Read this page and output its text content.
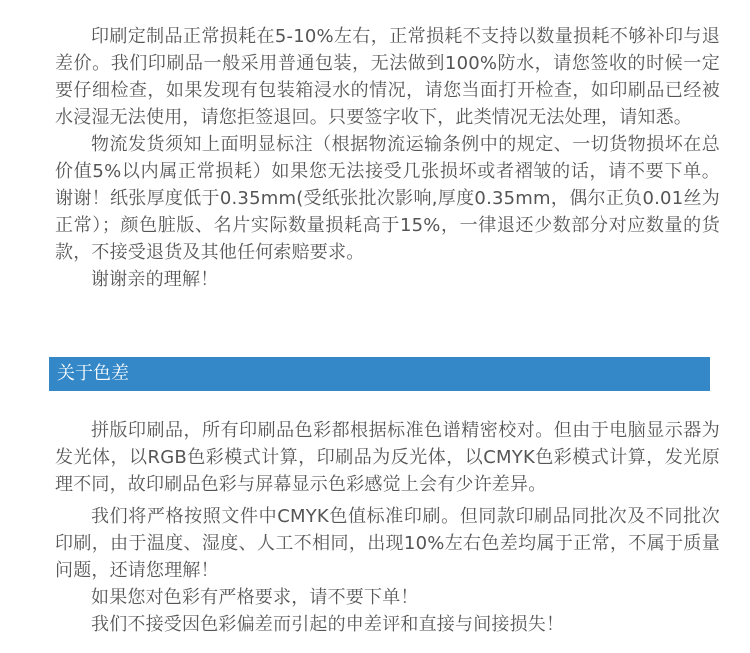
印刷定制品正常损耗在5-10%左右，正常损耗不支持以数量损耗不够补印与退差价。我们印刷品一般采用普通包装，无法做到100%防水，请您签收的时候一定要仔细检查，如果发现有包装箱浸水的情况，请您当面打开检查，如印刷品已经被水浸湿无法使用，请您拒签退回。只要签字收下，此类情况无法处理，请知悉。

物流发货须知上面明显标注（根据物流运输条例中的规定、一切货物损坏在总价值5%以内属正常损耗）如果您无法接受几张损坏或者褶皱的话，请不要下单。谢谢！纸张厚度低于0.35mm(受纸张批次影响,厚度0.35mm，偶尔正负0.01丝为正常）；颜色脏版、名片实际数量损耗高于15%，一律退还少数部分对应数量的货款，不接受退货及其他任何索赔要求。

谢谢亲的理解！

关于色差

拼版印刷品，所有印刷品色彩都根据标准色谱精密校对。但由于电脑显示器为发光体，以RGB色彩模式计算，印刷品为反光体，以CMYK色彩模式计算，发光原理不同，故印刷品色彩与屏幕显示色彩感觉上会有少许差异。

我们将严格按照文件中CMYK色值标准印刷。但同款印刷品同批次及不同批次印刷，由于温度、湿度、人工不相同，出现10%左右色差均属于正常，不属于质量问题，还请您理解！

如果您对色彩有严格要求，请不要下单！

我们不接受因色彩偏差而引起的申差评和直接与间接损失！
